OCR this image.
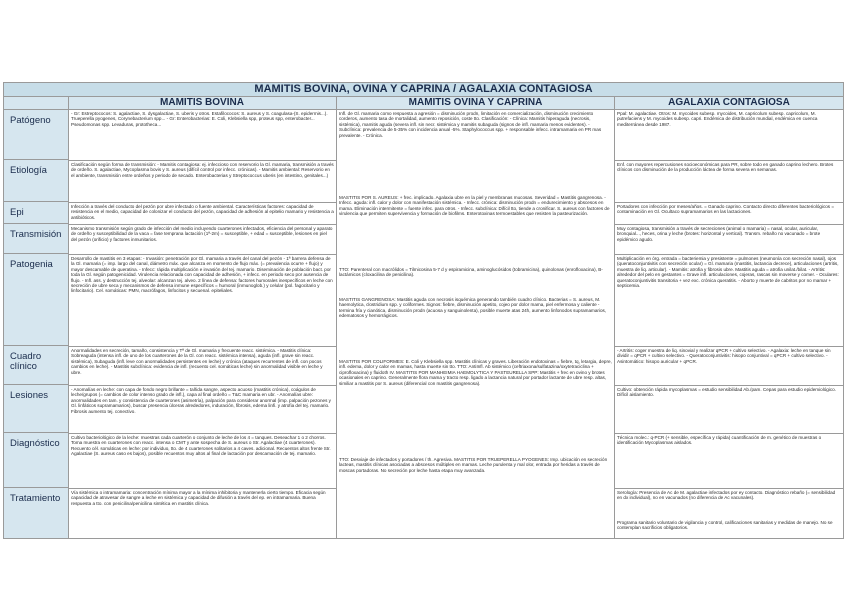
MAMITIS BOVINA, OVINA Y CAPRINA / AGALAXIA CONTAGIOSA
MAMITIS BOVINA	MAMITIS OVINA Y CAPRINA	AGALAXIA CONTAGIOSA
Patógeno
- Gr: Estreptococos: S. agalactiae, S. dysgalactiae, S. uberis y otros. Estafilococos: S. aureus y S. coagulasa-(S. epidermis...). Trueperella pyogenes, Corynebacterium spp... - Gr: Enterobacterias: E. Coli, Klebsiella spp, proteus spp, enterobacter... Pseudomonas spp. Levaduras, prototheca...
Etiología
Clasificación según forma de transmisión: - Mamitis contagiosa: ej. infeccioso con reservorio la Gl. mamaria, transmisión a través de ordeño. S. agalactiae, Mycoplasma bovis y S. aureus (difícil control por infecc. crónicas). - Mamitis ambiental: Reservorio en el ambiente, transmisión entre ordeños y periodo de secado. Enterobacterias y Streptococcus uberis (en intestino, genitales...)
Epi
Infección a través del conducto del pezón por ubre infectado o fuente ambiental. Características factores: capacidad de resistencia en el medio, capacidad de colonizar el conducto del pezón, capacidad de adhesión al epitelio mamario y resistencia a antibióticos.
Transmisión
Mecanismo transmisión según grado de infección del medio incluyendo cuarterones infectados, eficiencia del personal y aparato de ordeño y susceptibilidad de la vaca = fase temprana lactación (1ª-2m) = susceptible, + edad = susceptible, lesiones en piel del pezón (orificio) y factores inmunitarios.
Patogenia
Desarrollo de mastitis en 3 etapas: - Invasión: penetración por Gl. mamaria a través del canal del pezón - 1ª barrera defensa de la Gl. mamaria (= imp. largo del canal, diámetro máx. que alcanza en momento de flujo máx. (= prevalencia ocurre + flujo) y mayor descamable de queratina. - Infecc: rápida multiplicación e invasión del tej. mamario. Diseminación de población bact. por toda la Gl. según patogenicidad. Virulencia relacionada con capacidad de adhesión, + infecc. en periodo seco por ausencia de flujo. - Infl. ass. y destrucción tej. alveolar: alcanzan tej. alveo. 2 línea de defensa: factores humorales inespecíficos en leche con secreción de ubre seca y mecanismos de defensa inmune específicos = humoral (inmunoglob.) y celular (pol. fagocitario y linfocitario). Cel. somáticas: PMN, macrófagos, linfocitos y secuenal. epiteliales.
Cuadro clínico
Anormalidades en secreción, tamaño, consistencia y Tª de Gl. mamaria y frecuente reacc. sistémica. - Mastitis clínica: Sobreaguda (intensa infl. de uno de los cuarterones de la Gl. con reacc. sistémica intensa), aguda (infl. grave sin reacc. sistémica), Subaguda (infl. leve con anormalidades persistentes en leche) y crónica (ataques recurrentes de infl. con pocos cambios en leche). - Mastitis subclínica: evidencia de infl. (recuento cel. somáticas leche) sin anormalidad visible en leche y ubre.
Lesiones
- Anomalías en leche: con capa de fondo negro brillante = tañida sangre, aspecto acuoso (mastitis crónica), coágulos de leche/grupos (= cambios de color intenso grado de infl.), capa al final ordeño = T&C mamaria en ubr. - Anomalías ubre: anormalidades en tam. y consistencia de cuarterones (asimetría), palpación para considerar anormal (imp. palpación pezones y Gl. linfáticos supramamarios), buscar presencia úlceras alrededores, induración, fibrosis, edema linfi. y atrofia del tej. mamario. Fibrosis aumento tej. conectivo.
Diagnóstico
Cultivo bacteriológico de la leche: muestras cada cuarterón o conjunto de leche de los 4 = tanques. Deseachar 1 o 2 chorros. Toma muestra en cuarterones con reacc. intensa o CMT y ante sospecha de S. aureus o Str. Agalactiae (4 cuarterones). Recuento cél. somáticas en leche: por individuo, tto. de 4 cuarterones solitarios a 4 caves. adicional. Recuentos altos frente Str. Agalactiae (S. aureus caso es bajos), posible recuentos muy altos al final de lactación por descamación de tej. mamario.
Tratamiento
Vía sistémica o intramamaria: concentración mínima mayor a la mínima inhibitoria y mantenerla cierto tiempo. Eficacia según capacidad de atravesar de sangre a leche en sistémica y capacidad de difusión a través del ep. en intramamaria. Buena respuesta a tto. con penicilina/penicilina sintética en mastitis clínica.
Infl. de Gl. mamaria como respuesta a agresión = disminución prodn, limitación en comercialización, disminución crecimiento corderos, aumento tasa de mortalidad, aumento reposición, coste tto. Clasificación: - Clínica: Mamitis hiperaguda (necrosis, sistémica), mamitis aguda (severa infl. sin necr. sistémica y mamitis subaguda (signos de infl. mamaria menos evidentes). - Subclínica: prevalencia de 5-35% con incidencia anual -5%. Staphylococcus spp. + responsable infecc. intramamaria en PR mas prevalente. - Crónica.
MASTITIS POR S. AUREUS: + frec. implicado. Agalaxia ubre en la piel y membranas mucosas. Severidad = Mastitis gangrenosa. - Infecc. aguda: infl. calor y dolor con manifestación sistémica. - Infecc. crónica: disminución prodn = endurecimiento y abscesos en mama. Eliminación intermitente = fuente infec. para otros. - Infecc. subclínica: Difícil tto, tiende a cronificar. S. aureus con factores de virulencia que permiten supervivencia y formación de biofilms. Enterotoxinas termoestables que resisten la pasteurización.
TTO: Parenteral con macrólidos = Tilmicosina 5-7 d y espiramicina, aminoglucósidos (tobramicina), quinolonas (enrofloxacina), B-lactámicos (cloxacilina de penicilina).
MASTITIS GANGRENOSA: Mastitis aguda con necrosis isquémica generando también cuadro clínico. Bacterias = S. aureus, M. haemolytica, clostridium spp. y coliformes. Signos: fiebre, disminución apetito, cojeo por dolor mama, piel enfermosa y caliente - termina fría y cianótica, disminución prodn (acuosa y sanguinolenta), posible muerte atas 24h, aumento linfonodos supramamarios, edematosos y hemorrágicos.
MASTITIS POR COLIFORMES: E. Coli y Klebsiella spp. Mastitis clínicas y graves. Liberación endotoxinas = fiebre, tq, letargia, depre, infl. edema, dolor y calor en mamas, hasta muerte sin tto. TTO: AntiInfl. Ab sistémico (ceftriaxona/sulfatazina/oxytetraciclina + ciprofloxacina) y fluidoth IV. MASTITIS POR MANHEIMIA HAEMOLYTICA Y PASTEURELLA SPP: Mastitis + frec en ovino y brotes ocasionales en caprino. Generalmente flora mama y tracto resp. ligado a lactancia natural por portador lactante de ubre resp. altas, similiar a mastitis por S. aureus (diferencial con mastitis gangrenosa).
TTO: Desviaje de infectados y portadores / th. Agresiva. MASTITIS POR TRUEPERELLA PYOGENES: Imp. ubicación en secreción lacteas, mastitis clínicas asociadas a abscesos múltiples en mamas. Leche purulenta y mal olor, entrada por heridas a través de moscas portadoras. No secreción por leche hasta etapa muy avanzada.
Ppal: M. agalactiae. Otros: M. mycoides subesp. mycoides, M. capricolum subesp. capricolum, M. putrefaciens y M. mycoides subesp. capri. Endémica de distribución mundial, endémica en cuenca mediterránea desde 1987.
Enf. con mayores repercusiones socioeconómicas para PR, sobre todo en ganado caprino lechero. Brotes clínicos con disminución de la producción láctea de forma severa en semanas.
Portadores con infección por meses/años. = Ganado caprino. Contacto directo diferentes bacteriológicos = contaminación en Gl. Ocultaco supramamarios en las lactaciones.
Muy contagiosa, transmisión a través de secreciones (animal o mamaria) = nasal, ocular, auricular, bronquial..., heces, orina y leche (brotes: horizontal y vertical). Transm. rebaño no vacunado = brote epidémico agudo.
Multiplicación en órg. entrada = bacteriemia y presistente = pulmones (neumonía con secreción nasal), ojos (queratoconjuntivitis con secreción ocular) = Gl. mamaria (mastitis, lactancia decrece), articulaciones (artritis, muestra de liq. articular). - Mamitis: atrofia y fibrosis ubre. Mastitis aguda = atrofia unilat./bilat. - Artritis: alrededor del pelo en gestantes = Grave infl. articulaciones, cojeras, rascas sin moverse y comer. - Oculares: queratoconjuntivitis transitoria + vez exc. crónica queratitis. - Aborto y muerte de cabritos por no mamar + septicemia.
- Artritis: coger muestra de liq. sinovial y realizar qPCR + cultivo selectivo. - Agalaxia: leche en tanque sin dividir = qPCR + cultivo selectivo. - Queratoconjuntivitis: hisopo conjuntival = qPCR + cultivo selectivo. - Asintomático: hisopo auricular + qPCR.
Cultivo: obtención rápida mycoplasmas = estudio sensibilidad Ab./pam. Cepas para estudio epidemiológico. Difícil aislamiento.
Técnica molec.: q-PCR (+ sensible, específica y rápida) cuantificación de m. genético de muestras o identificación Mycoplasmas aislados.
Serología: Presencia de Ac de M. agalactiae infectados por ey contacto. Diagnóstico rebaño (= sensibilidad en dx individual), no en vacunados (no diferencia de Ac vacunales).
Programa sanitario voluntario de vigilancia y control, calificaciones sanitarias y medidas de manejo. No se contemplan sacrificios obligatorios.
